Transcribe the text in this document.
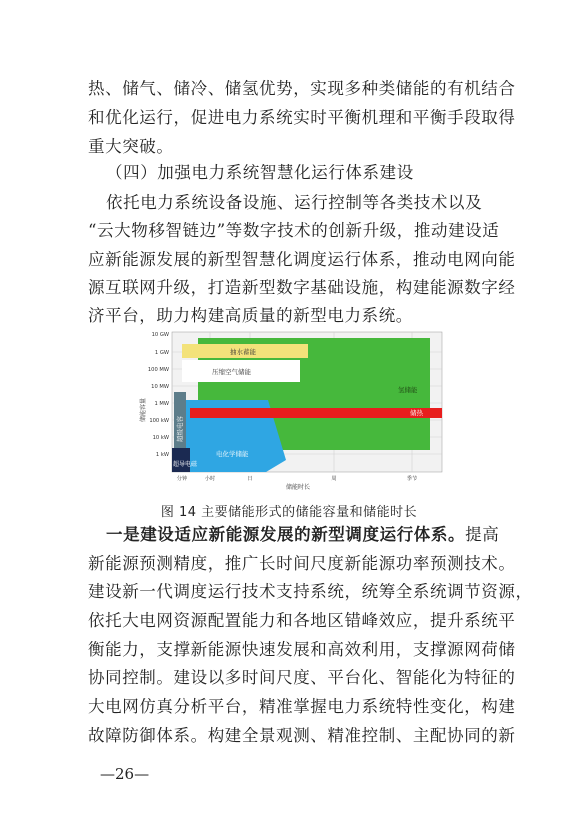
热、储气、储冷、储氢优势，实现多种类储能的有机结合
和优化运行，促进电力系统实时平衡机理和平衡手段取得
重大突破。
（四）加强电力系统智慧化运行体系建设
依托电力系统设备设施、运行控制等各类技术以及
“云大物移智链边”等数字技术的创新升级，推动建设适
应新能源发展的新型智慧化调度运行体系，推动电网向能
源互联网升级，打造新型数字基础设施，构建能源数字经
济平台，助力构建高质量的新型电力系统。
氢储能
抽水蓄能
压缩空气储能
储热
超级电容
超导电磁
电化学储能
10 GW
1 GW
100 MW
10 MW
1 MW
100 kW
10 kW
1 kW
储能容量
分钟	小时	日	周	季节
储能时长
图 14 主要储能形式的储能容量和储能时长
一是建设适应新能源发展的新型调度运行体系。提高
新能源预测精度，推广长时间尺度新能源功率预测技术。
建设新一代调度运行技术支持系统，统筹全系统调节资源，
依托大电网资源配置能力和各地区错峰效应，提升系统平
衡能力，支撑新能源快速发展和高效利用，支撑源网荷储
协同控制。建设以多时间尺度、平台化、智能化为特征的
大电网仿真分析平台，精准掌握电力系统特性变化，构建
故障防御体系。构建全景观测、精准控制、主配协同的新
—26—
